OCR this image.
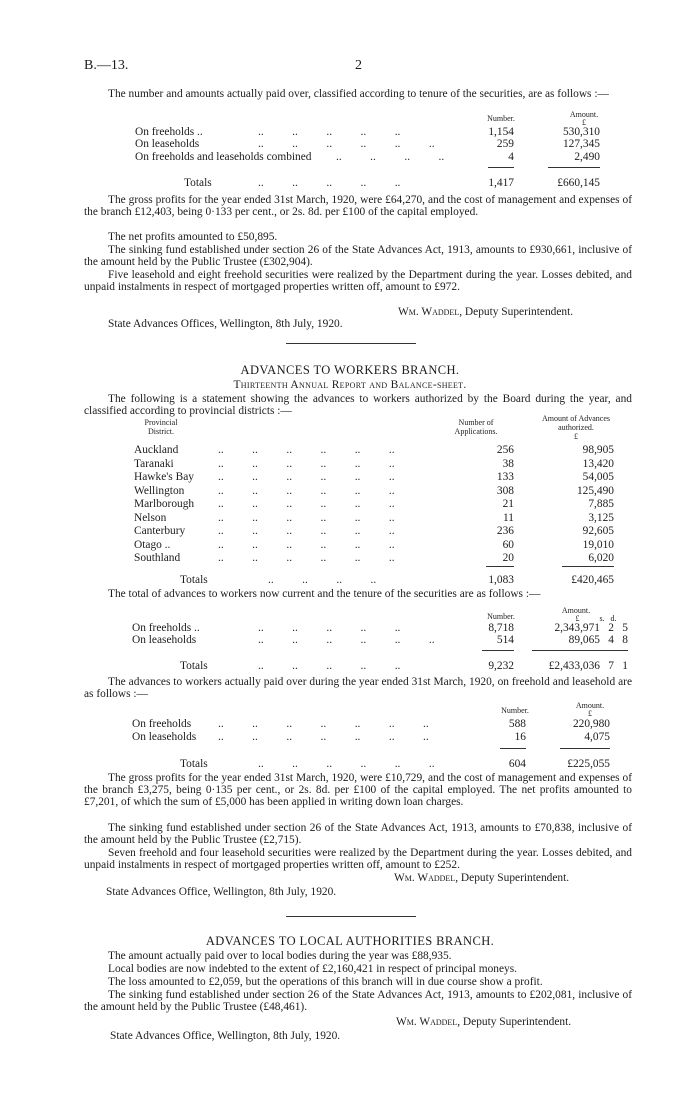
B.—13.	2
The number and amounts actually paid over, classified according to tenure of the securities, are as follows :—
Number.	Amount.
£
On freeholds ..	..          ..          ..          ..          ..	1,154	530,310
On leaseholds	..          ..          ..          ..          ..          ..	259	127,345
On freeholds and leaseholds combined ..          ..          ..          ..	4	2,490
Totals	..          ..          ..          ..          ..	1,417	£660,145
The gross profits for the year ended 31st March, 1920, were £64,270, and the cost of management and expenses of the branch £12,403, being 0·133 per cent., or 2s. 8d. per £100 of the capital employed.
The net profits amounted to £50,895.
The sinking fund established under section 26 of the State Advances Act, 1913, amounts to £930,661, inclusive of the amount held by the Public Trustee (£302,904).
Five leasehold and eight freehold securities were realized by the Department during the year. Losses debited, and unpaid instalments in respect of mortgaged properties written off, amount to £972.
Wm. Waddel, Deputy Superintendent.
State Advances Offices, Wellington, 8th July, 1920.
ADVANCES TO WORKERS BRANCH.
Thirteenth Annual Report and Balance-sheet.
The following is a statement showing the advances to workers authorized by the Board during the year, and classified according to provincial districts :—
Provincial
District.
Number of
Applications.
Amount of Advances
authorized.
£
Auckland	..          ..          ..          ..          ..          ..	256	98,905
Taranaki	..          ..          ..          ..          ..          ..	38	13,420
Hawke's Bay ..          ..          ..          ..          ..          ..	133	54,005
Wellington	..          ..          ..          ..          ..          ..	308	125,490
Marlborough ..          ..          ..          ..          ..          ..	21	7,885
Nelson	..          ..          ..          ..          ..          ..	11	3,125
Canterbury	..          ..          ..          ..          ..          ..	236	92,605
Otago ..	..          ..          ..          ..          ..          ..	60	19,010
Southland	..          ..          ..          ..          ..          ..	20	6,020
Totals	..          ..          ..          ..	1,083	£420,465
The total of advances to workers now current and the tenure of the securities are as follows :—
Number.
Amount.
£          s.   d.
On freeholds ..	..          ..          ..          ..          ..	8,718	2,343,971 2 5
On leaseholds	..          ..          ..          ..          ..          ..	514	89,065 4 8
Totals	..          ..          ..          ..          ..	9,232	£2,433,036 7 1
The advances to workers actually paid over during the year ended 31st March, 1920, on freehold and leasehold are as follows :—
Number.
Amount.
£
On freeholds ..          ..          ..          ..          ..          ..          ..	588	220,980
On leaseholds ..          ..          ..          ..          ..          ..          ..	16	4,075
Totals	..          ..          ..          ..          ..          ..	604	£225,055
The gross profits for the year ended 31st March, 1920, were £10,729, and the cost of management and expenses of the branch £3,275, being 0·135 per cent., or 2s. 8d. per £100 of the capital employed. The net profits amounted to £7,201, of which the sum of £5,000 has been applied in writing down loan charges.
The sinking fund established under section 26 of the State Advances Act, 1913, amounts to £70,838, inclusive of the amount held by the Public Trustee (£2,715).
Seven freehold and four leasehold securities were realized by the Department during the year. Losses debited, and unpaid instalments in respect of mortgaged properties written off, amount to £252.
Wm. Waddel, Deputy Superintendent.
State Advances Office, Wellington, 8th July, 1920.
ADVANCES TO LOCAL AUTHORITIES BRANCH.
The amount actually paid over to local bodies during the year was £88,935.
Local bodies are now indebted to the extent of £2,160,421 in respect of principal moneys.
The loss amounted to £2,059, but the operations of this branch will in due course show a profit.
The sinking fund established under section 26 of the State Advances Act, 1913, amounts to £202,081, inclusive of the amount held by the Public Trustee (£48,461).
Wm. Waddel, Deputy Superintendent.
State Advances Office, Wellington, 8th July, 1920.
